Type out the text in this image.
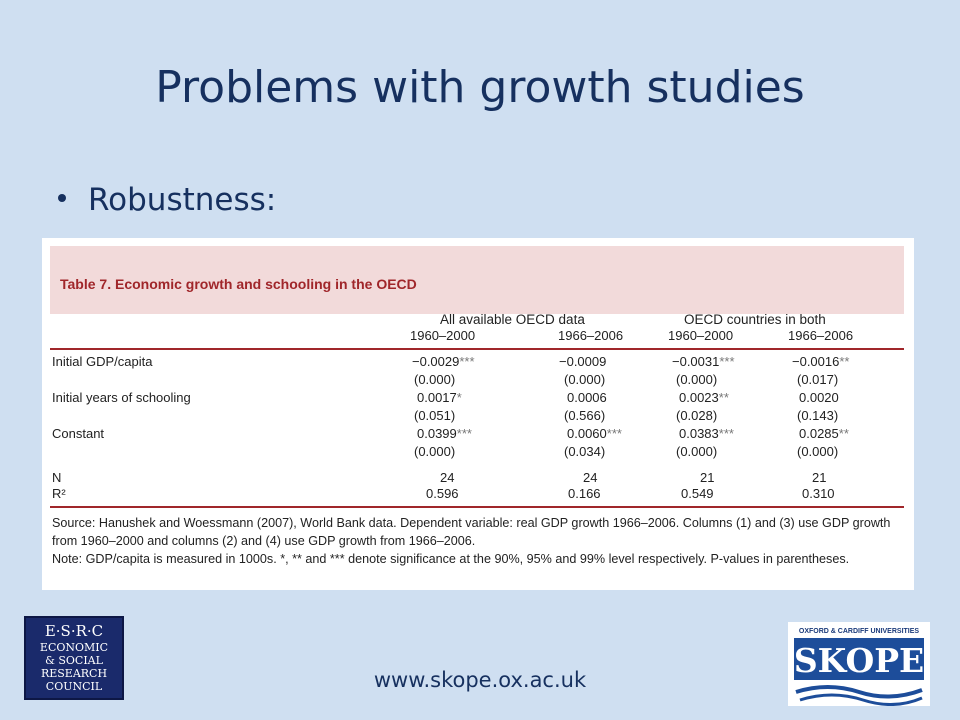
Problems with growth studies
Robustness:
Table 7. Economic growth and schooling in the OECD
All available OECD data	OECD countries in both
1960–2000	1966–2006	1960–2000	1966–2006
Initial GDP/capita	−0.0029***	−0.0009	−0.0031***	−0.0016**
(0.000)	(0.000)	(0.000)	(0.017)
Initial years of schooling	0.0017*	0.0006	0.0023**	0.0020
(0.051)	(0.566)	(0.028)	(0.143)
Constant	0.0399***	0.0060***	0.0383***	0.0285**
(0.000)	(0.034)	(0.000)	(0.000)
N	24	24	21	21
R²	0.596	0.166	0.549	0.310

Source: Hanushek and Woessmann (2007), World Bank data. Dependent variable: real GDP growth 1966–2006. Columns (1) and (3) use GDP growth from 1960–2000 and columns (2) and (4) use GDP growth from 1966–2006.

Note: GDP/capita is measured in 1000s. *, ** and *** denote significance at the 90%, 95% and 99% level respectively. P-values in parentheses.

E·S·R·C
ECONOMIC
& SOCIAL
RESEARCH
COUNCIL	www.skope.ox.ac.uk
OXFORD & CARDIFF UNIVERSITIES
SKOPE
